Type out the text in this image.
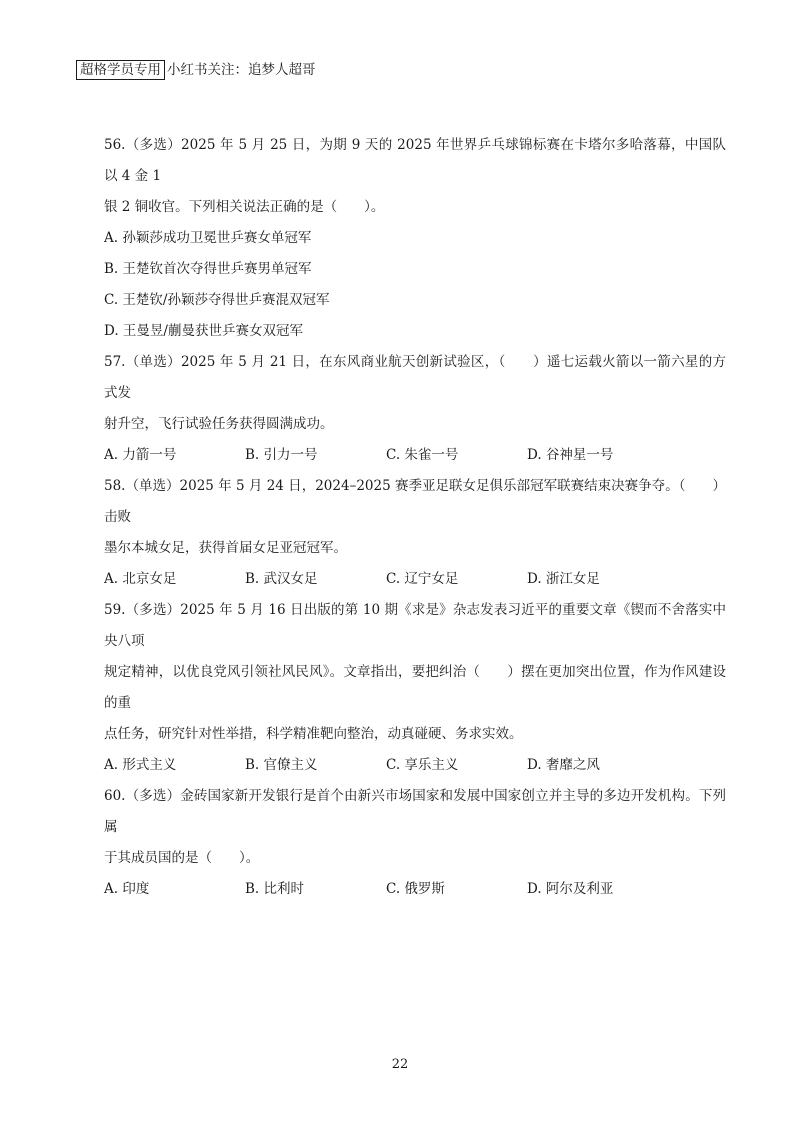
超格学员专用 小红书关注：追梦人超哥

56.（多选）2025 年 5 月 25 日，为期 9 天的 2025 年世界乒乓球锦标赛在卡塔尔多哈落幕，中国队以 4 金 1

银 2 铜收官。下列相关说法正确的是（　　）。

A. 孙颖莎成功卫冕世乒赛女单冠军

B. 王楚钦首次夺得世乒赛男单冠军

C. 王楚钦/孙颖莎夺得世乒赛混双冠军

D. 王曼昱/蒯曼获世乒赛女双冠军

57.（单选）2025 年 5 月 21 日，在东风商业航天创新试验区，（　　）遥七运载火箭以一箭六星的方式发

射升空，飞行试验任务获得圆满成功。

A. 力箭一号	B. 引力一号	C. 朱雀一号	D. 谷神星一号

58.（单选）2025 年 5 月 24 日，2024–2025 赛季亚足联女足俱乐部冠军联赛结束决赛争夺。（　　）击败

墨尔本城女足，获得首届女足亚冠冠军。

A. 北京女足	B. 武汉女足	C. 辽宁女足	D. 浙江女足

59.（多选）2025 年 5 月 16 日出版的第 10 期《求是》杂志发表习近平的重要文章《锲而不舍落实中央八项

规定精神，以优良党风引领社风民风》。文章指出，要把纠治（　　）摆在更加突出位置，作为作风建设的重

点任务，研究针对性举措，科学精准靶向整治，动真碰硬、务求实效。

A. 形式主义	B. 官僚主义	C. 享乐主义	D. 奢靡之风

60.（多选）金砖国家新开发银行是首个由新兴市场国家和发展中国家创立并主导的多边开发机构。下列属

于其成员国的是（　　）。

A. 印度	B. 比利时	C. 俄罗斯	D. 阿尔及利亚
22
